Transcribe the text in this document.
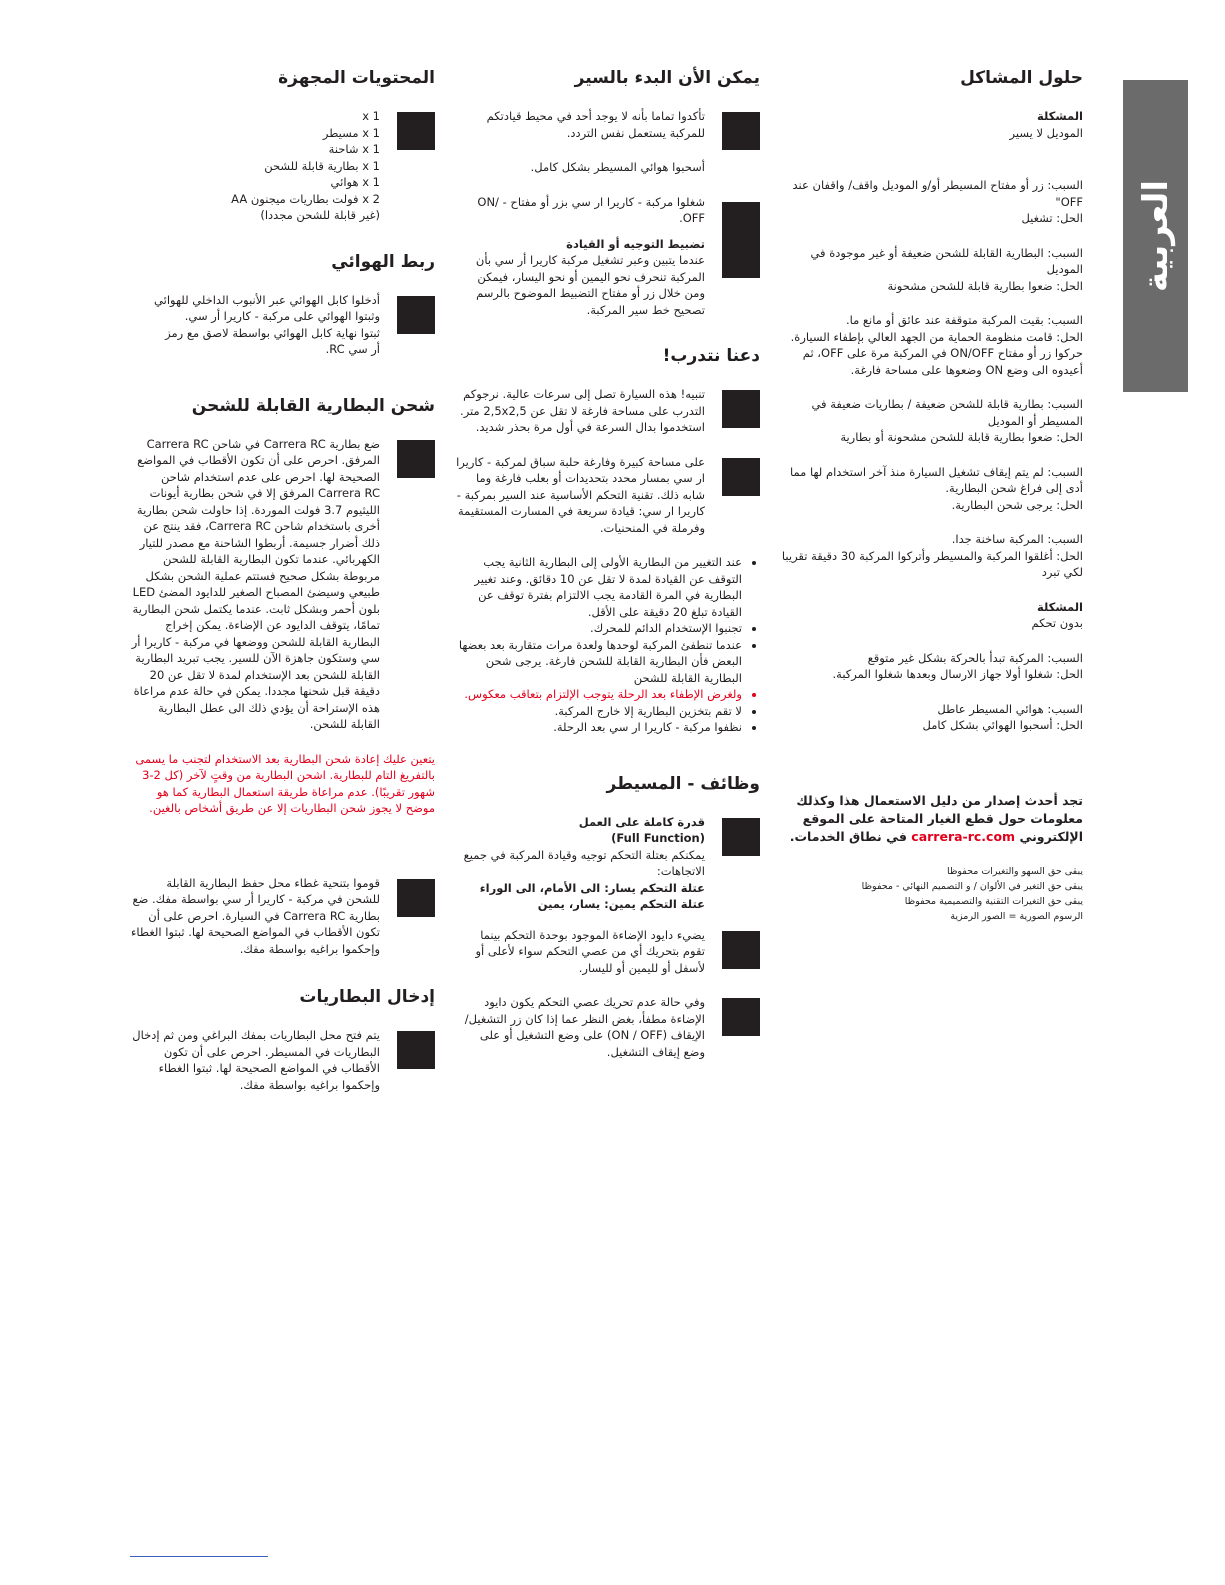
العربية
المحتويات المجهزة
1 x
1 x مسيطر
1 x شاحنة
1 x بطارية قابلة للشحن
1 x هوائي
2 x فولت بطاريات ميجنون AA
(غير قابلة للشحن مجددا)
ربط الهوائي
أدخلوا كابل الهوائي عبر الأنبوب الداخلي للهوائي
وثبتوا الهوائي على مركبة - كاريرا أر سي.
ثبتوا نهاية كابل الهوائي بواسطة لاصق مع رمز
أر سي RC.
شحن البطارية القابلة للشحن

ضع بطارية Carrera RC في شاحن Carrera RC المرفق. احرص على أن تكون الأقطاب في المواضع الصحيحة لها. احرص على عدم استخدام شاحن Carrera RC المرفق إلا في شحن بطارية أيونات الليثيوم 3.7 فولت الموردة. إذا حاولت شحن بطارية أخرى باستخدام شاحن Carrera RC، فقد ينتج عن ذلك أضرار جسيمة. أربطوا الشاحنة مع مصدر للتيار الكهربائي. عندما تكون البطارية القابلة للشحن مربوطة بشكل صحيح فستتم عملية الشحن بشكل طبيعي وسيضئ المصباح الصغير للدايود المضئ LED بلون أحمر وبشكل ثابت. عندما يكتمل شحن البطارية تمامًا، يتوقف الدايود عن الإضاءة. يمكن إخراج البطارية القابلة للشحن ووضعها في مركبة - كاريرا أر سي وستكون جاهزة الآن للسير. يجب تبريد البطارية القابلة للشحن بعد الإستخدام لمدة لا تقل عن 20 دقيقة قبل شحنها مجددا. يمكن في حالة عدم مراعاة هذه الإستراحة أن يؤدي ذلك الى عطل البطارية القابلة للشحن.

يتعين عليك إعادة شحن البطارية بعد الاستخدام لتجنب ما يسمى بالتفريغ التام للبطارية. اشحن البطارية من وقتٍ لآخر (كل 2-3 شهور تقريبًا). عدم مراعاة طريقة استعمال البطارية كما هو موضح لا يجوز شحن البطاريات إلا عن طريق أشخاص بالغين.

قوموا بتنحية غطاء محل حفظ البطارية القابلة للشحن في مركبة - كاريرا أر سي بواسطة مفك. ضع بطارية Carrera RC في السيارة. احرص على أن تكون الأقطاب في المواضع الصحيحة لها. ثبتوا الغطاء وإحكموا براغيه بواسطة مفك.

إدخال البطاريات

يتم فتح محل البطاريات بمفك البراغي ومن ثم إدخال البطاريات في المسيطر. احرص على أن تكون الأقطاب في المواضع الصحيحة لها. ثبتوا الغطاء وإحكموا براغيه بواسطة مفك.

يمكن الأن البدء بالسير

تأكدوا تماما بأنه لا يوجد أحد في محيط قيادتكم للمركبة يستعمل نفس التردد.

أسحبوا هوائي المسيطر بشكل كامل.

شغلوا مركبة - كاريرا ار سي بزر أو مفتاح - ON/ OFF.

تضبيط التوجيه أو القيادة

عندما يتبين وعبر تشغيل مركبة كاريرا أر سي بأن المركبة تنحرف نحو اليمين أو نحو اليسار، فيمكن ومن خلال زر أو مفتاح التضبيط الموضوح بالرسم تصحيح خط سير المركبة.

دعنا نتدرب!

تنبيه! هذه السيارة تصل إلى سرعات عالية. نرجوكم التدرب على مساحة فارغة لا تقل عن 2,5x2,5 متر. استخدموا بدال السرعة في أول مرة بحذر شديد.

على مساحة كبيرة وفارغة حلبة سباق لمركبة - كاريرا ار سي بمسار محدد بتحديدات أو بعلب فارغة وما شابه ذلك. تقنية التحكم الأساسية عند السير بمركبة - كاريرا ار سي: قيادة سريعة في المسارت المستقيمة وفرملة في المنحنيات.

• عند التغيير من البطارية الأولى إلى البطارية الثانية يجب التوقف عن القيادة لمدة لا تقل عن 10 دقائق. وعند تغيير البطارية في المرة القادمة يجب الالتزام بفترة توقف عن القيادة تبلغ 20 دقيقة على الأقل.
• تجنبوا الإستخدام الدائم للمحرك.
• عندما تنطفئ المركبة لوحدها ولعدة مرات متقاربة بعد بعضها البعض فأن البطارية القابلة للشحن فارغة. يرجى شحن البطارية القابلة للشحن
• ولغرض الإطفاء بعد الرحلة يتوجب الإلتزام بتعاقب معكوس.
• لا تقم بتخزين البطارية إلا خارج المركبة.
• نظفوا مركبة - كاريرا ار سي بعد الرحلة.
وظائف - المسيطر
قدرة كاملة على العمل
(Full Function)
يمكنكم بعتلة التحكم توجيه وقيادة المركبة في جميع الاتجاهات:
عتلة التحكم يسار: الى الأمام، الى الوراء
عتلة التحكم يمين: يسار، يمين

يضيء دايود الإضاءة الموجود بوحدة التحكم بينما تقوم بتحريك أي من عصي التحكم سواء لأعلى أو لأسفل أو لليمين أو لليسار.

وفي حالة عدم تحريك عصي التحكم يكون دايود الإضاءة مطفأ، بغض النظر عما إذا كان زر التشغيل/ الإيقاف (ON / OFF) على وضع التشغيل أو على وضع إيقاف التشغيل.

حلول المشاكل
المشكلة

الموديل لا يسير

السبب: زر أو مفتاح المسيطر أو/و الموديل واقف/ واقفان عند OFF"
الحل: تشغيل

السبب: البطارية القابلة للشحن ضعيفة أو غير موجودة في الموديل
الحل: ضعوا بطارية قابلة للشحن مشحونة

السبب: بقيت المركبة متوقفة عند عائق أو مانع ما.
الحل: قامت منظومة الحماية من الجهد العالي بإطفاء السيارة. حركوا زر أو مفتاح ON/OFF في المركبة مرة على OFF، ثم أعيدوه الى وضع ON وضعوها على مساحة فارغة.

السبب: بطارية قابلة للشحن ضعيفة / بطاريات ضعيفة في المسيطر أو الموديل
الحل: ضعوا بطارية قابلة للشحن مشحونة أو بطارية

السبب: لم يتم إيقاف تشغيل السيارة منذ آخر استخدام لها مما أدى إلى فراغ شحن البطارية.
الحل: يرجى شحن البطارية.

السبب: المركبة ساخنة جدا.
الحل: أغلقوا المركبة والمسيطر وأتركوا المركبة 30 دقيقة تقريبا لكي تبرد

المشكلة

بدون تحكم

السبب: المركبة تبدأ بالحركة بشكل غير متوقع
الحل: شغلوا أولا جهاز الارسال وبعدها شغلوا المركبة.

السبب: هوائي المسيطر عاطل
الحل: أسحبوا الهوائي بشكل كامل

تجد أحدث إصدار من دليل الاستعمال هذا وكذلك معلومات حول قطع الغيار المتاحة على الموقع الإلكتروني carrera-rc.com في نطاق الخدمات.

يبقى حق السهو والتغيرات محفوظا
يبقى حق التغير في الألوان / و التصميم النهائي - محفوظا
يبقى حق التغيرات التقنية والتصميمية محفوظا
الرسوم الصورية = الصور الرمزية
